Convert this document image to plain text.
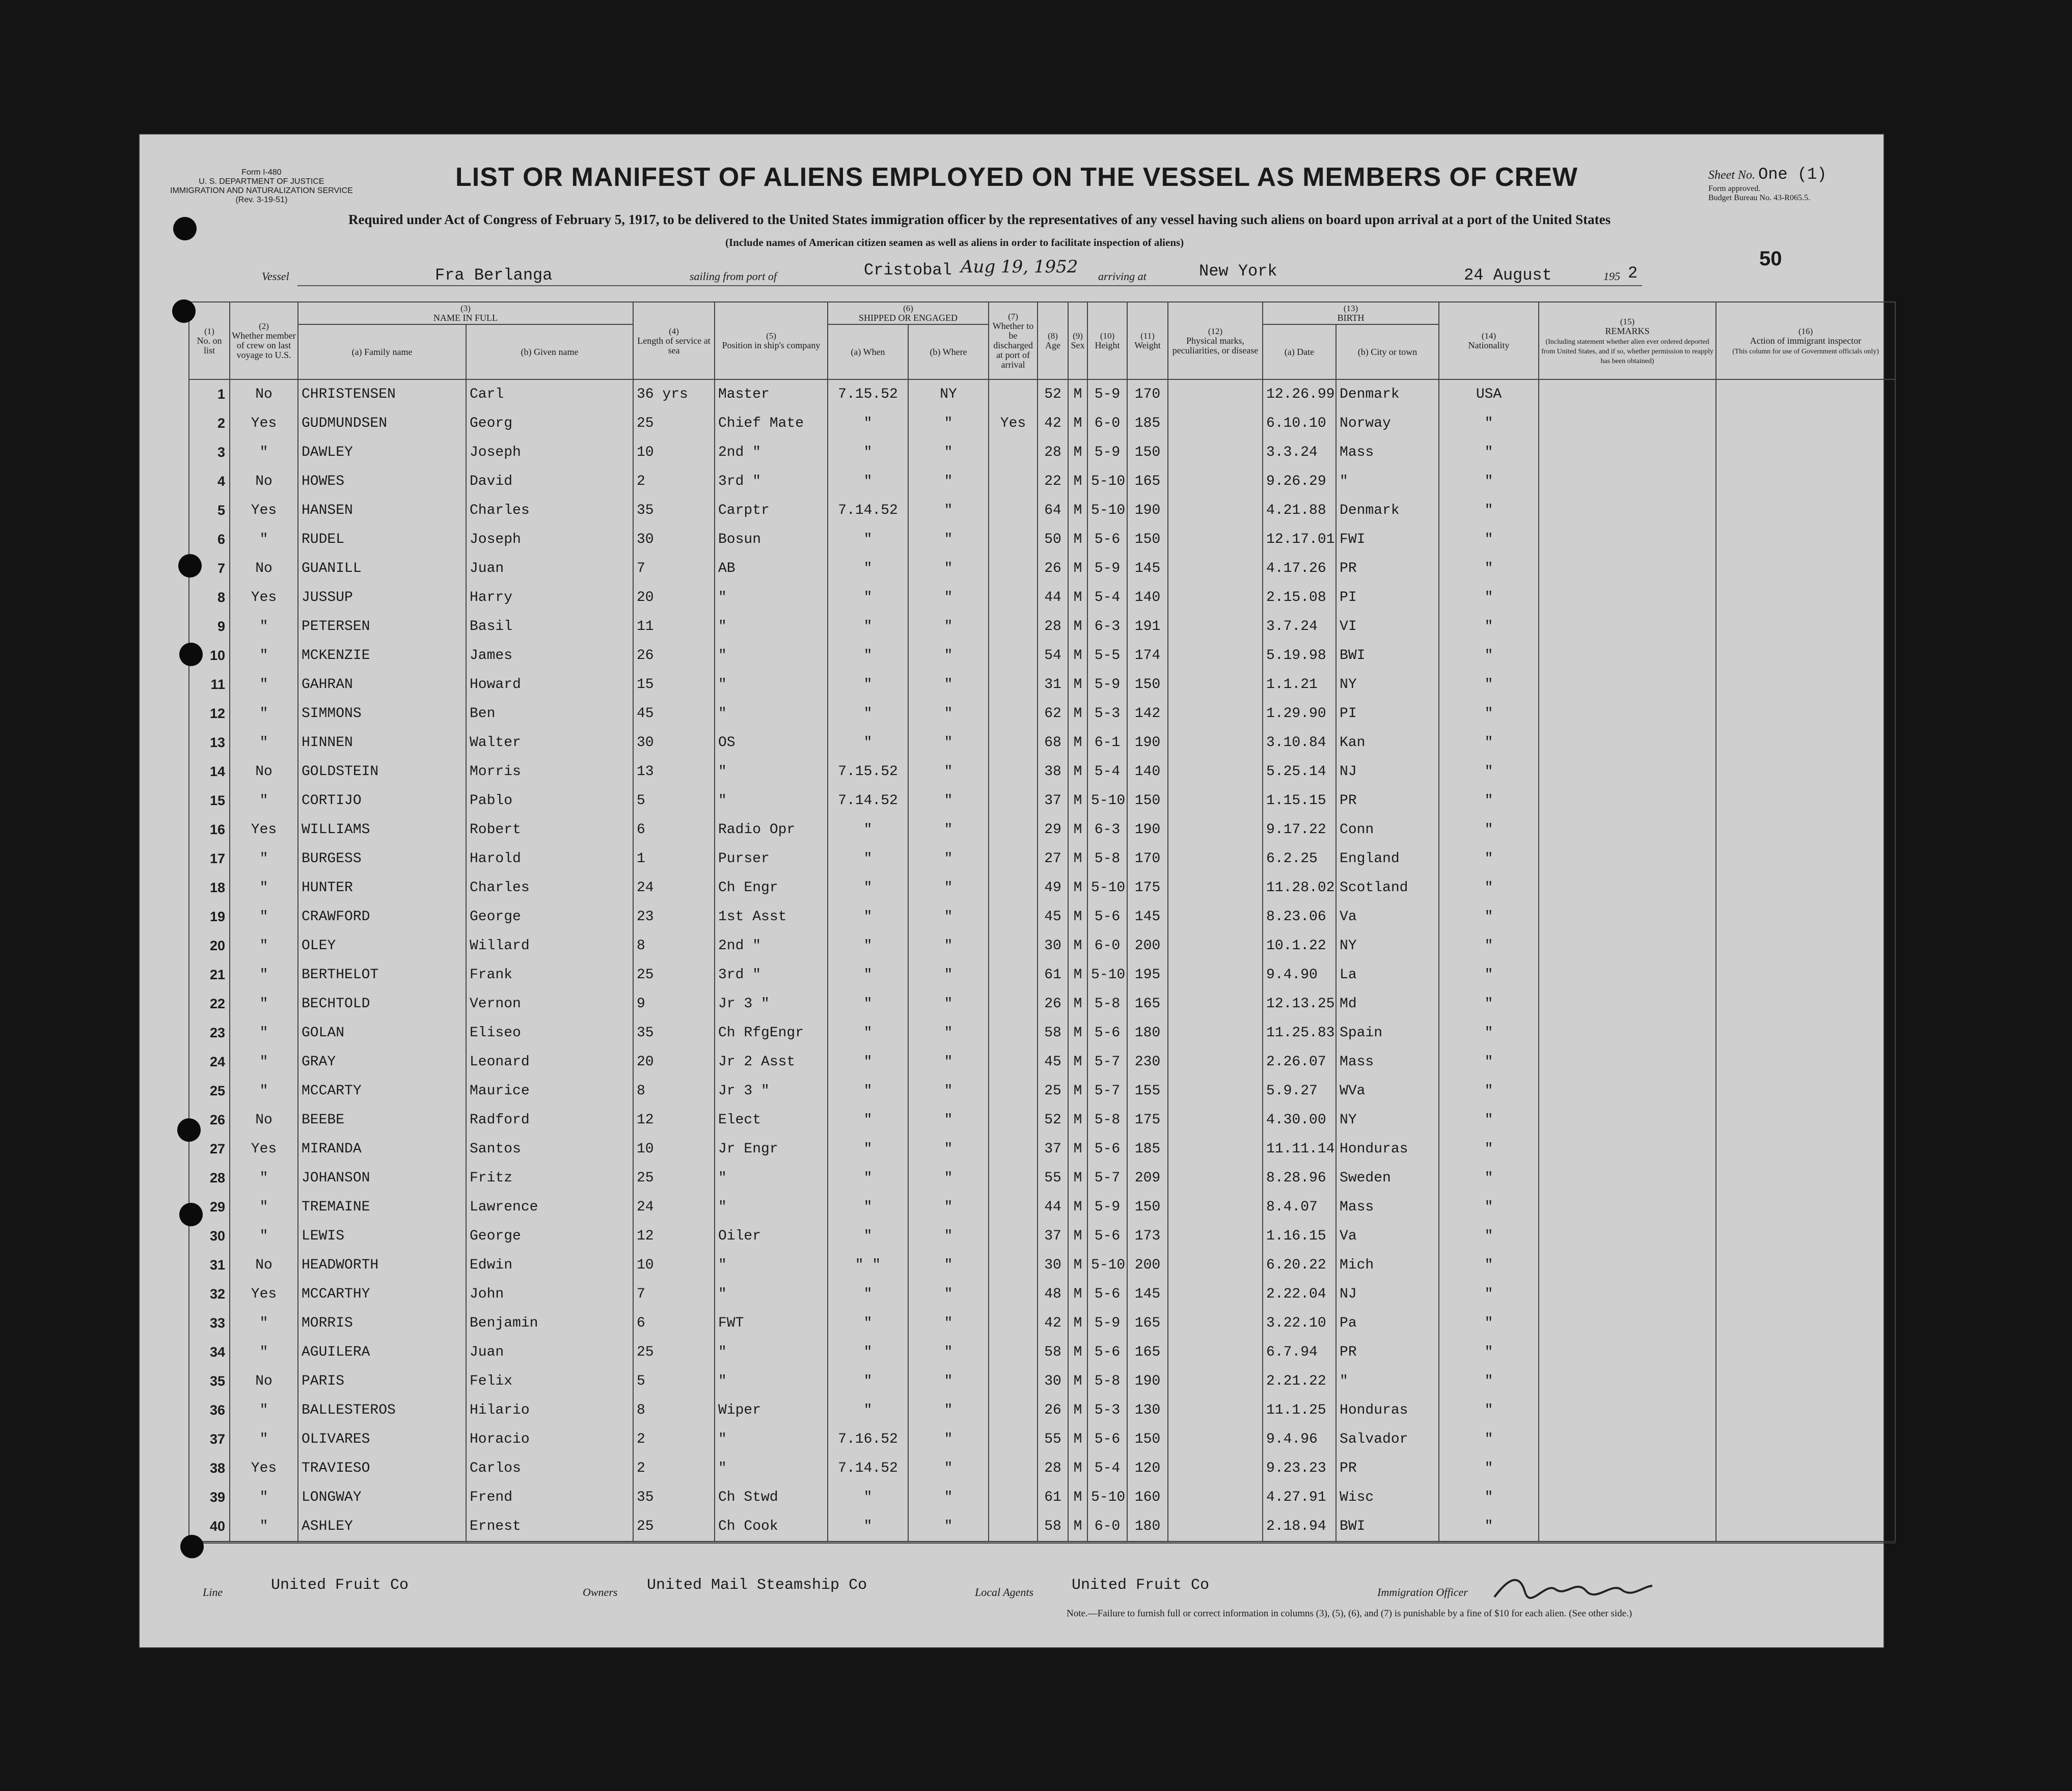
Form I-480
U. S. DEPARTMENT OF JUSTICE
IMMIGRATION AND NATURALIZATION SERVICE
(Rev. 3-19-51)
LIST OR MANIFEST OF ALIENS EMPLOYED ON THE VESSEL AS MEMBERS OF CREW
Required under Act of Congress of February 5, 1917, to be delivered to the United States immigration officer by the representatives of any vessel having such aliens on board upon arrival at a port of the United States
(Include names of American citizen seamen as well as aliens in order to facilitate inspection of aliens)
Sheet No. One (1)
Form approved.
Budget Bureau No. 43-R065.5.
50
Vessel	Fra Berlanga	sailing from port of	Cristobal Aug 19, 1952 arriving at	New York	24 August	195 2
(1)
No. on list	(2)
Whether member of crew on last voyage to U.S.	(3)
NAME IN FULL		(4)
Length of service at sea	(5)
Position in ship's company	(6)
SHIPPED OR ENGAGED		(7)
Whether to be discharged at port of arrival	(8)
Age	(9)
Sex	(10)
Height	(11)
Weight	(12)
Physical marks, peculiarities, or disease	(13)
BIRTH		(14)
Nationality	(15)
REMARKS
(Including statement whether alien ever ordered deported from United States, and if so, whether permission to reapply has been obtained)	(16)
Action of immigrant inspector
(This column for use of Government officials only)
		(a) Family name	(b) Given name			(a) When	(b) Where							(a) Date	(b) City or town			
1	No	CHRISTENSEN	Carl	36 yrs	Master	7.15.52	NY		52	M	5-9	170		12.26.99	Denmark	USA		
2	Yes	GUDMUNDSEN	Georg	25	Chief Mate	"	"	Yes	42	M	6-0	185		6.10.10	Norway	"		
3	"	DAWLEY	Joseph	10	2nd "	"	"		28	M	5-9	150		3.3.24	Mass	"		
4	No	HOWES	David	2	3rd "	"	"		22	M	5-10	165		9.26.29	"	"		
5	Yes	HANSEN	Charles	35	Carptr	7.14.52	"		64	M	5-10	190		4.21.88	Denmark	"		
6	"	RUDEL	Joseph	30	Bosun	"	"		50	M	5-6	150		12.17.01	FWI	"		
7	No	GUANILL	Juan	7	AB	"	"		26	M	5-9	145		4.17.26	PR	"		
8	Yes	JUSSUP	Harry	20	"	"	"		44	M	5-4	140		2.15.08	PI	"		
9	"	PETERSEN	Basil	11	"	"	"		28	M	6-3	191		3.7.24	VI	"		
10	"	MCKENZIE	James	26	"	"	"		54	M	5-5	174		5.19.98	BWI	"		
11	"	GAHRAN	Howard	15	"	"	"		31	M	5-9	150		1.1.21	NY	"		
12	"	SIMMONS	Ben	45	"	"	"		62	M	5-3	142		1.29.90	PI	"		
13	"	HINNEN	Walter	30	OS	"	"		68	M	6-1	190		3.10.84	Kan	"		
14	No	GOLDSTEIN	Morris	13	"	7.15.52	"		38	M	5-4	140		5.25.14	NJ	"		
15	"	CORTIJO	Pablo	5	"	7.14.52	"		37	M	5-10	150		1.15.15	PR	"		
16	Yes	WILLIAMS	Robert	6	Radio Opr	"	"		29	M	6-3	190		9.17.22	Conn	"		
17	"	BURGESS	Harold	1	Purser	"	"		27	M	5-8	170		6.2.25	England	"		
18	"	HUNTER	Charles	24	Ch Engr	"	"		49	M	5-10	175		11.28.02	Scotland	"		
19	"	CRAWFORD	George	23	1st Asst	"	"		45	M	5-6	145		8.23.06	Va	"		
20	"	OLEY	Willard	8	2nd "	"	"		30	M	6-0	200		10.1.22	NY	"		
21	"	BERTHELOT	Frank	25	3rd "	"	"		61	M	5-10	195		9.4.90	La	"		
22	"	BECHTOLD	Vernon	9	Jr 3 "	"	"		26	M	5-8	165		12.13.25	Md	"		
23	"	GOLAN	Eliseo	35	Ch RfgEngr	"	"		58	M	5-6	180		11.25.83	Spain	"		
24	"	GRAY	Leonard	20	Jr 2 Asst	"	"		45	M	5-7	230		2.26.07	Mass	"		
25	"	MCCARTY	Maurice	8	Jr 3 "	"	"		25	M	5-7	155		5.9.27	WVa	"		
26	No	BEEBE	Radford	12	Elect	"	"		52	M	5-8	175		4.30.00	NY	"		
27	Yes	MIRANDA	Santos	10	Jr Engr	"	"		37	M	5-6	185		11.11.14	Honduras	"		
28	"	JOHANSON	Fritz	25	"	"	"		55	M	5-7	209		8.28.96	Sweden	"		
29	"	TREMAINE	Lawrence	24	"	"	"		44	M	5-9	150		8.4.07	Mass	"		
30	"	LEWIS	George	12	Oiler	"	"		37	M	5-6	173		1.16.15	Va	"		
31	No	HEADWORTH	Edwin	10	"	" "	"		30	M	5-10	200		6.20.22	Mich	"		
32	Yes	MCCARTHY	John	7	"	"	"		48	M	5-6	145		2.22.04	NJ	"		
33	"	MORRIS	Benjamin	6	FWT	"	"		42	M	5-9	165		3.22.10	Pa	"		
34	"	AGUILERA	Juan	25	"	"	"		58	M	5-6	165		6.7.94	PR	"		
35	No	PARIS	Felix	5	"	"	"		30	M	5-8	190		2.21.22	"	"		
36	"	BALLESTEROS	Hilario	8	Wiper	"	"		26	M	5-3	130		11.1.25	Honduras	"		
37	"	OLIVARES	Horacio	2	"	7.16.52	"		55	M	5-6	150		9.4.96	Salvador	"		
38	Yes	TRAVIESO	Carlos	2	"	7.14.52	"		28	M	5-4	120		9.23.23	PR	"		
39	"	LONGWAY	Frend	35	Ch Stwd	"	"		61	M	5-10	160		4.27.91	Wisc	"		
40	"	ASHLEY	Ernest	25	Ch Cook	"	"		58	M	6-0	180		2.18.94	BWI	"		
Line	United Fruit Co	Owners United Mail Steamship Co	Local Agents United Fruit Co	Immigration Officer
Note.—Failure to furnish full or correct information in columns (3), (5), (6), and (7) is punishable by a fine of $10 for each alien. (See other side.)
